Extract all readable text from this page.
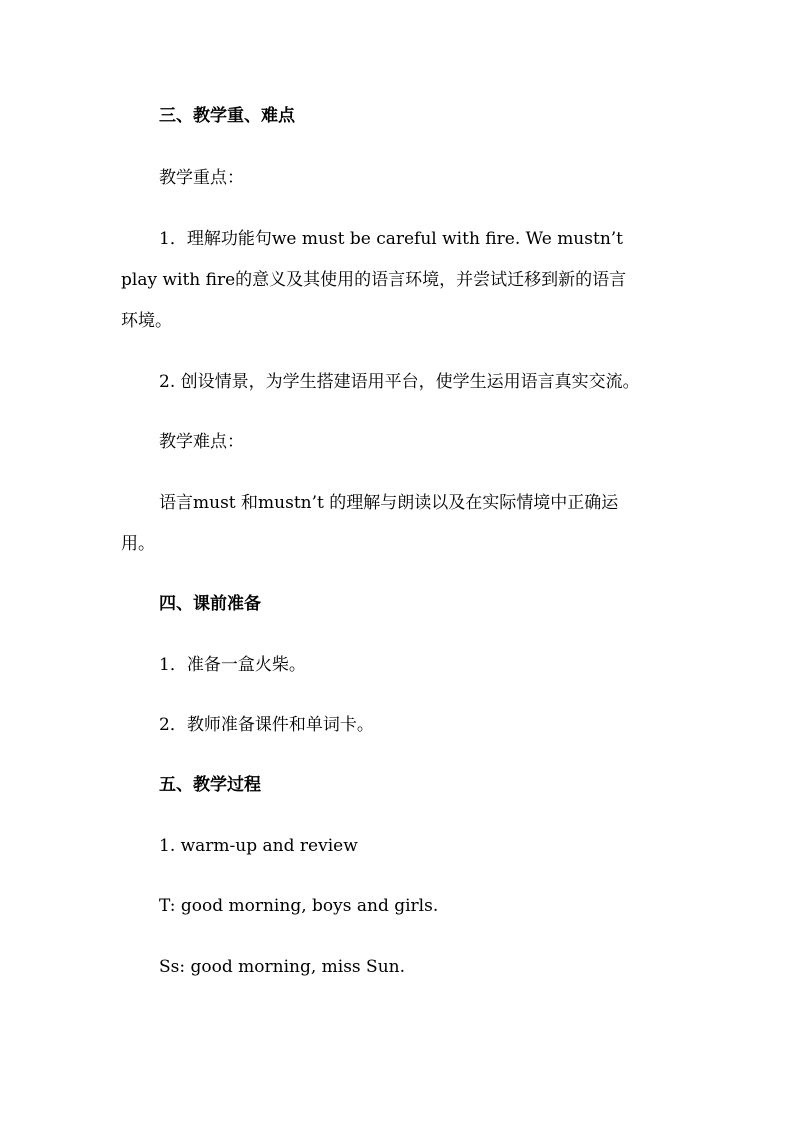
三、教学重、难点
教学重点：
1．理解功能句we must be careful with fire. We mustn’t
play with fire的意义及其使用的语言环境，并尝试迁移到新的语言
环境。
2. 创设情景，为学生搭建语用平台，使学生运用语言真实交流。
教学难点：
语言must 和mustn’t 的理解与朗读以及在实际情境中正确运
用。
四、课前准备
1．准备一盒火柴。
2．教师准备课件和单词卡。
五、教学过程
1. warm-up and review
T: good morning, boys and girls.
Ss: good morning, miss Sun.
